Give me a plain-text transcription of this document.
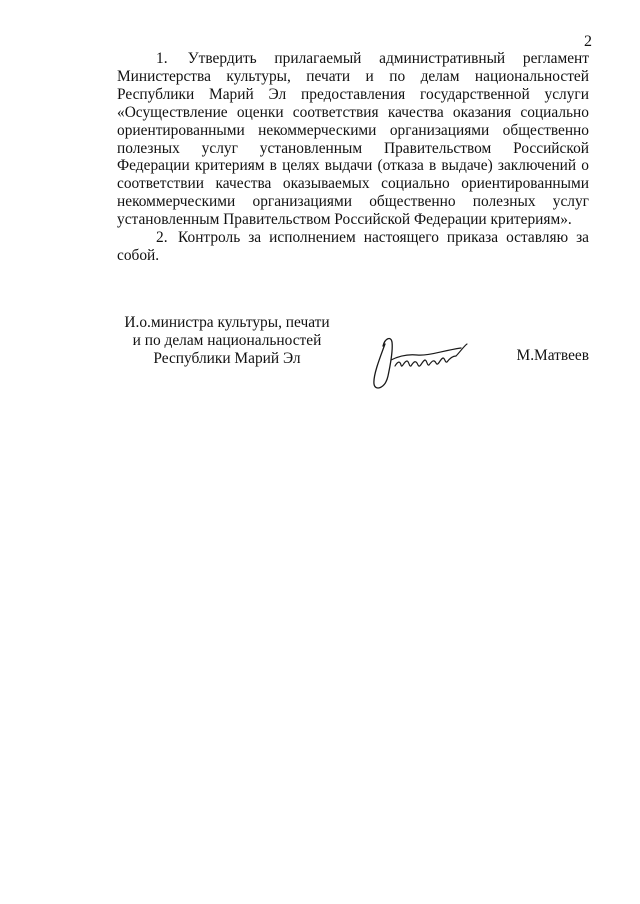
2

1. Утвердить прилагаемый административный регламент Министерства культуры, печати и по делам национальностей Республики Марий Эл предоставления государственной услуги «Осуществление оценки соответствия качества оказания социально ориентированными некоммерческими организациями общественно полезных услуг установленным Правительством Российской Федерации критериям в целях выдачи (отказа в выдаче) заключений о соответствии качества оказываемых социально ориентированными некоммерческими организациями общественно полезных услуг установленным Правительством Российской Федерации критериям».

2. Контроль за исполнением настоящего приказа оставляю за собой.

И.о.министра культуры, печати
и по делам национальностей
Республики Марий Эл	М.Матвеев
